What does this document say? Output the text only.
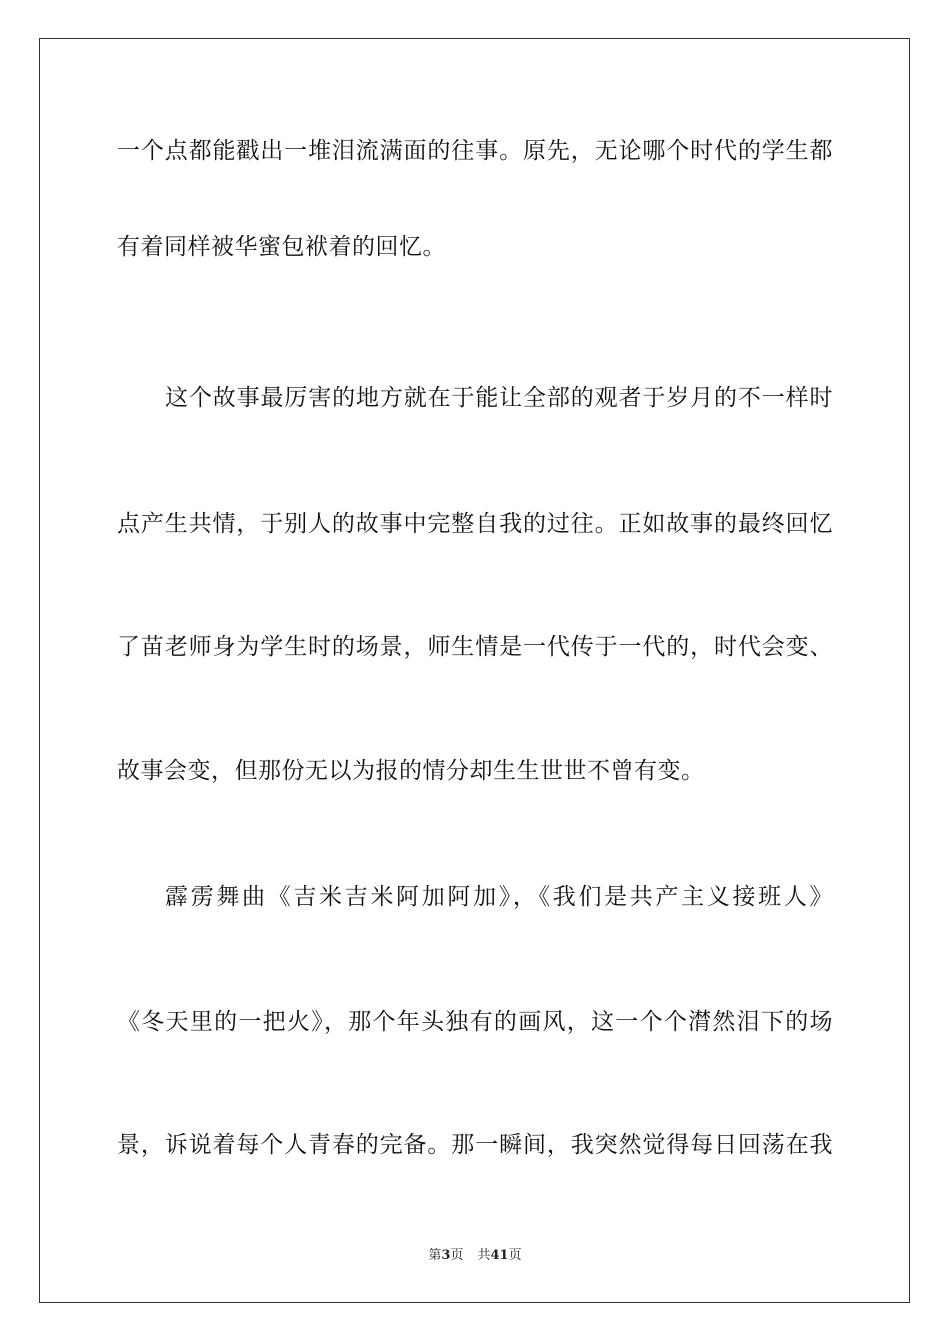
一个点都能戳出一堆泪流满面的往事。原先，无论哪个时代的学生都
有着同样被华蜜包袱着的回忆。
这个故事最厉害的地方就在于能让全部的观者于岁月的不一样时
点产生共情，于别人的故事中完整自我的过往。正如故事的最终回忆
了苗老师身为学生时的场景，师生情是一代传于一代的，时代会变、
故事会变，但那份无以为报的情分却生生世世不曾有变。
霹雳舞曲《吉米吉米阿加阿加》，《我们是共产主义接班人》
《冬天里的一把火》，那个年头独有的画风，这一个个潸然泪下的场
景，诉说着每个人青春的完备。那一瞬间，我突然觉得每日回荡在我
第3页 共41页
